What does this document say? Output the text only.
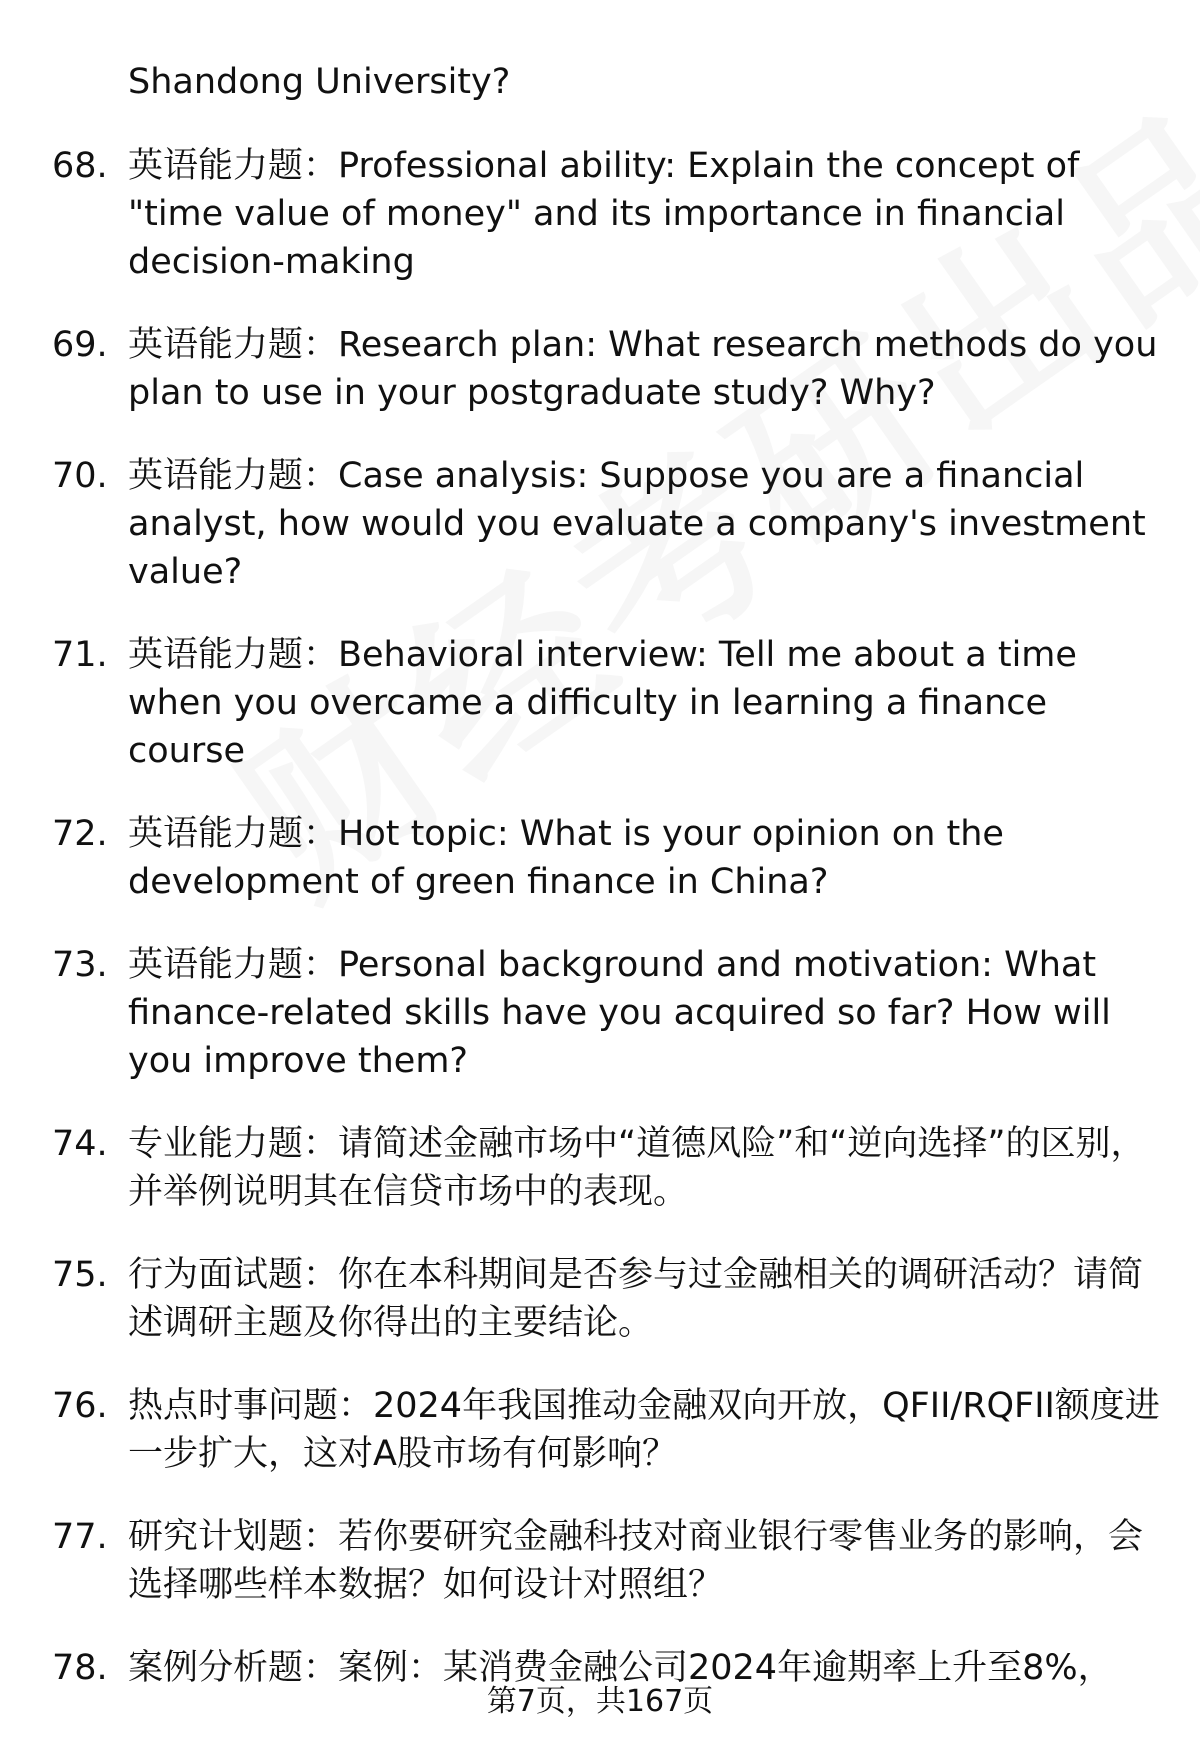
Shandong University?
68. 英语能力题：Professional ability: Explain the concept of "time value of money" and its importance in financial decision-making
69. 英语能力题：Research plan: What research methods do you plan to use in your postgraduate study? Why?
70. 英语能力题：Case analysis: Suppose you are a financial analyst, how would you evaluate a company's investment value?
71. 英语能力题：Behavioral interview: Tell me about a time when you overcame a difficulty in learning a finance course
72. 英语能力题：Hot topic: What is your opinion on the development of green finance in China?
73. 英语能力题：Personal background and motivation: What finance-related skills have you acquired so far? How will you improve them?
74. 专业能力题：请简述金融市场中“道德风险”和“逆向选择”的区别，并举例说明其在信贷市场中的表现。
75. 行为面试题：你在本科期间是否参与过金融相关的调研活动？请简述调研主题及你得出的主要结论。
76. 热点时事问题：2024年我国推动金融双向开放，QFII/RQFII额度进一步扩大，这对A股市场有何影响？
77. 研究计划题：若你要研究金融科技对商业银行零售业务的影响，会选择哪些样本数据？如何设计对照组？
78. 案例分析题：案例：某消费金融公司2024年逾期率上升至8%，
第7页，共167页
